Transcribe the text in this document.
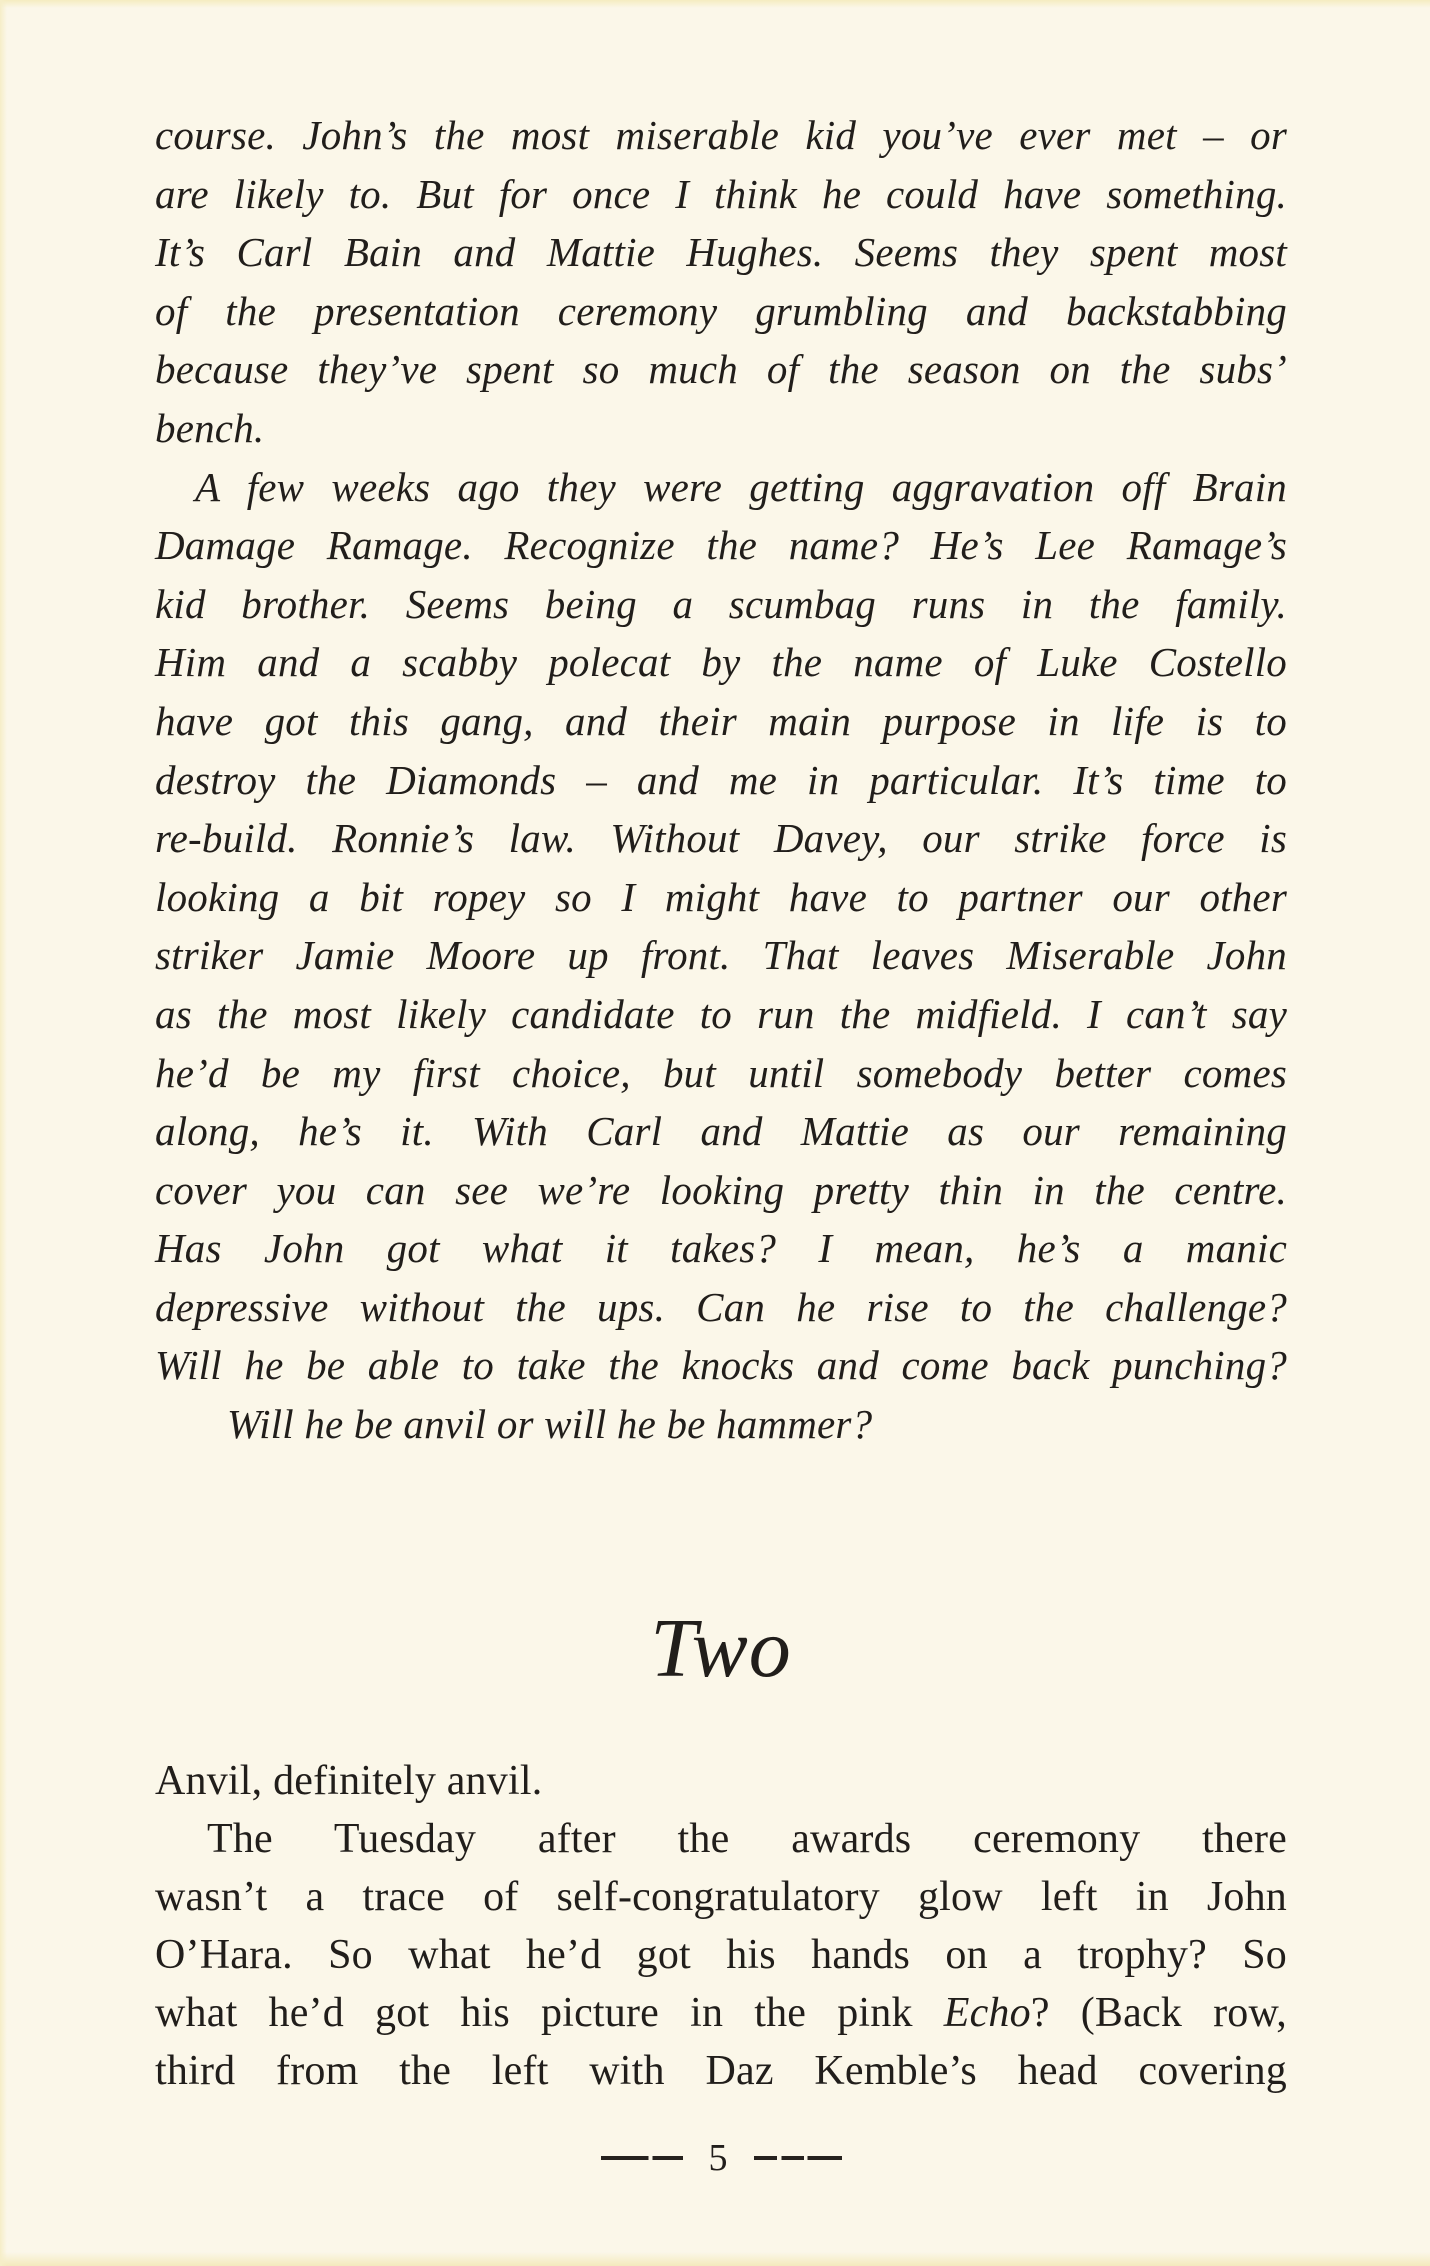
course. John’s the most miserable kid you’ve ever met – or
are likely to. But for once I think he could have something.
It’s Carl Bain and Mattie Hughes. Seems they spent most
of the presentation ceremony grumbling and backstabbing
because they’ve spent so much of the season on the subs’
bench.
A few weeks ago they were getting aggravation off Brain
Damage Ramage. Recognize the name? He’s Lee Ramage’s
kid brother. Seems being a scumbag runs in the family.
Him and a scabby polecat by the name of Luke Costello
have got this gang, and their main purpose in life is to
destroy the Diamonds – and me in particular. It’s time to
re-build. Ronnie’s law. Without Davey, our strike force is
looking a bit ropey so I might have to partner our other
striker Jamie Moore up front. That leaves Miserable John
as the most likely candidate to run the midfield. I can’t say
he’d be my first choice, but until somebody better comes
along, he’s it. With Carl and Mattie as our remaining
cover you can see we’re looking pretty thin in the centre.
Has John got what it takes? I mean, he’s a manic
depressive without the ups. Can he rise to the challenge?
Will he be able to take the knocks and come back punching?
Will he be anvil or will he be hammer?
Two
Anvil, definitely anvil.
The Tuesday after the awards ceremony there
wasn’t a trace of self-congratulatory glow left in John
O’Hara. So what he’d got his hands on a trophy? So
what he’d got his picture in the pink Echo? (Back row,
third from the left with Daz Kemble’s head covering
5
